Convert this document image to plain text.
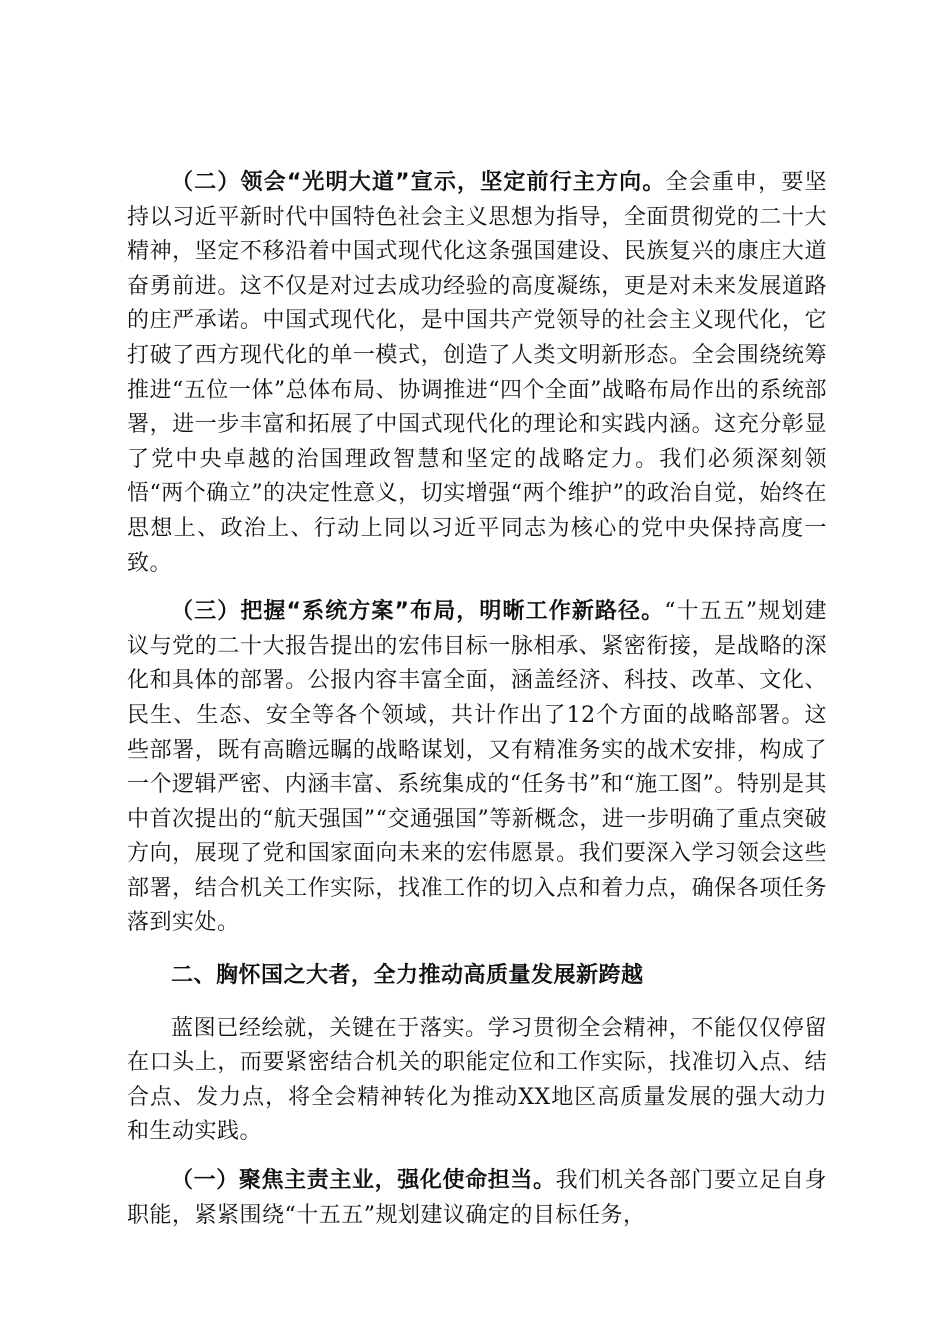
（二）领会“光明大道”宣示，坚定前行主方向。全会重申，要坚持以习近平新时代中国特色社会主义思想为指导，全面贯彻党的二十大精神，坚定不移沿着中国式现代化这条强国建设、民族复兴的康庄大道奋勇前进。这不仅是对过去成功经验的高度凝练，更是对未来发展道路的庄严承诺。中国式现代化，是中国共产党领导的社会主义现代化，它打破了西方现代化的单一模式，创造了人类文明新形态。全会围绕统筹推进“五位一体”总体布局、协调推进“四个全面”战略布局作出的系统部署，进一步丰富和拓展了中国式现代化的理论和实践内涵。这充分彰显了党中央卓越的治国理政智慧和坚定的战略定力。我们必须深刻领悟“两个确立”的决定性意义，切实增强“两个维护”的政治自觉，始终在思想上、政治上、行动上同以习近平同志为核心的党中央保持高度一致。

（三）把握“系统方案”布局，明晰工作新路径。“十五五”规划建议与党的二十大报告提出的宏伟目标一脉相承、紧密衔接，是战略的深化和具体的部署。公报内容丰富全面，涵盖经济、科技、改革、文化、民生、生态、安全等各个领域，共计作出了12个方面的战略部署。这些部署，既有高瞻远瞩的战略谋划，又有精准务实的战术安排，构成了一个逻辑严密、内涵丰富、系统集成的“任务书”和“施工图”。特别是其中首次提出的“航天强国”“交通强国”等新概念，进一步明确了重点突破方向，展现了党和国家面向未来的宏伟愿景。我们要深入学习领会这些部署，结合机关工作实际，找准工作的切入点和着力点，确保各项任务落到实处。

二、胸怀国之大者，全力推动高质量发展新跨越

蓝图已经绘就，关键在于落实。学习贯彻全会精神，不能仅仅停留在口头上，而要紧密结合机关的职能定位和工作实际，找准切入点、结合点、发力点，将全会精神转化为推动XX地区高质量发展的强大动力和生动实践。

（一）聚焦主责主业，强化使命担当。我们机关各部门要立足自身职能，紧紧围绕“十五五”规划建议确定的目标任务，
